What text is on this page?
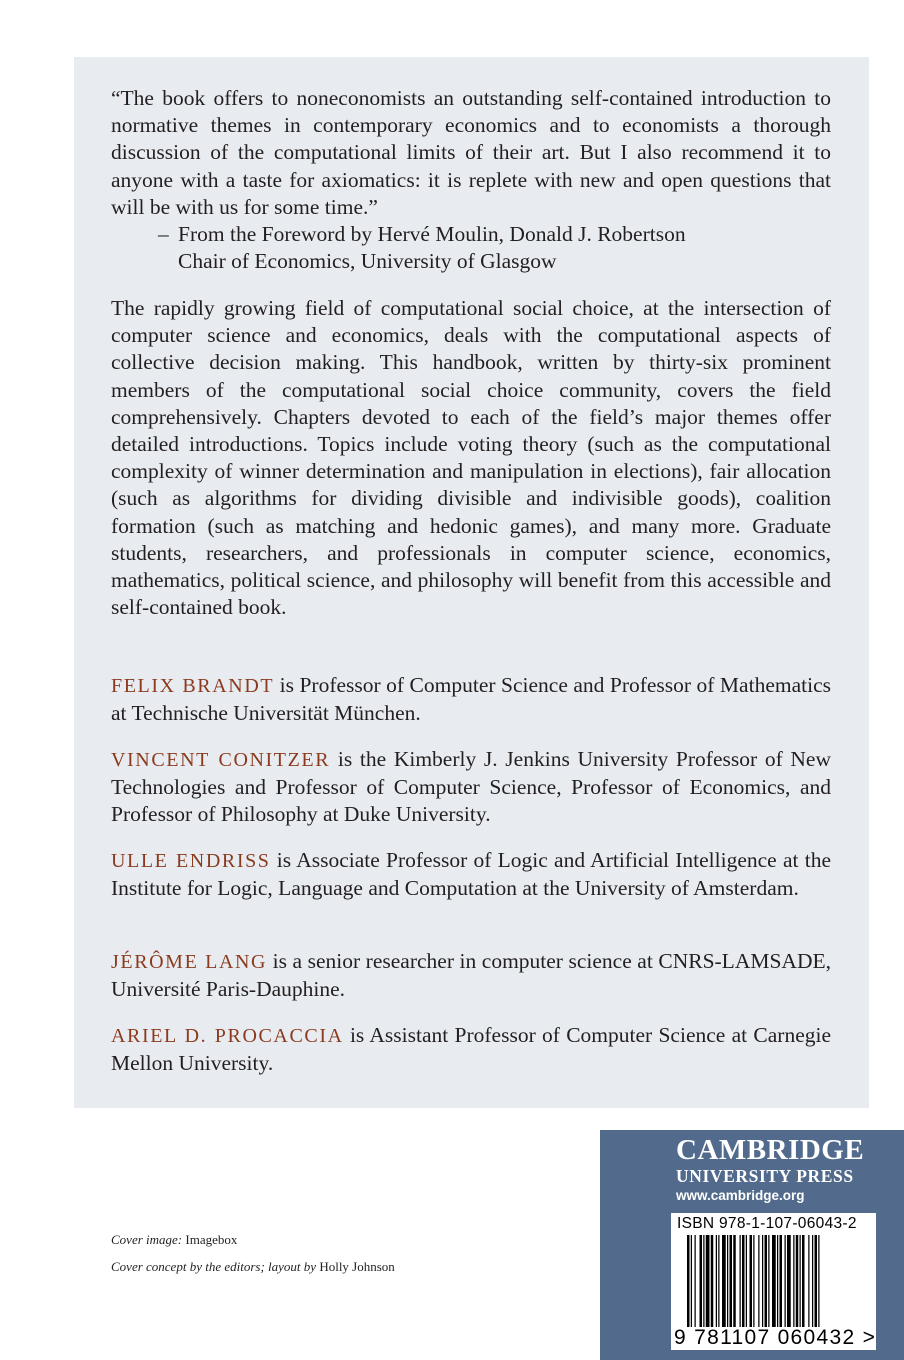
“The book offers to noneconomists an outstanding self-contained introduction to normative themes in contemporary economics and to economists a thorough discussion of the computational limits of their art. But I also recommend it to anyone with a taste for axiomatics: it is replete with new and open questions that will be with us for some time.”
– From the Foreword by Hervé Moulin, Donald J. Robertson
Chair of Economics, University of Glasgow
The rapidly growing field of computational social choice, at the intersection of computer science and economics, deals with the computational aspects of collective decision making. This handbook, written by thirty-six prominent members of the computational social choice community, covers the field comprehensively. Chapters devoted to each of the field’s major themes offer detailed introductions. Topics include voting theory (such as the computational complexity of winner determination and manipulation in elections), fair allocation (such as algorithms for dividing divisible and indivisible goods), coalition formation (such as matching and hedonic games), and many more. Graduate students, researchers, and professionals in computer science, economics, mathematics, political science, and philosophy will benefit from this accessible and self-contained book.
FELIX BRANDT is Professor of Computer Science and Professor of Mathematics at Technische Universität München.
VINCENT CONITZER is the Kimberly J. Jenkins University Professor of New Technologies and Professor of Computer Science, Professor of Economics, and Professor of Philosophy at Duke University.
ULLE ENDRISS is Associate Professor of Logic and Artificial Intelligence at the Institute for Logic, Language and Computation at the University of Amsterdam.
JÉRÔME LANG is a senior researcher in computer science at CNRS-LAMSADE, Université Paris-Dauphine.
ARIEL D. PROCACCIA is Assistant Professor of Computer Science at Carnegie Mellon University.
Cover image: Imagebox
Cover concept by the editors; layout by Holly Johnson
CAMBRIDGE
UNIVERSITY PRESS
www.cambridge.org
ISBN 978-1-107-06043-2
9 781107 060432 >
